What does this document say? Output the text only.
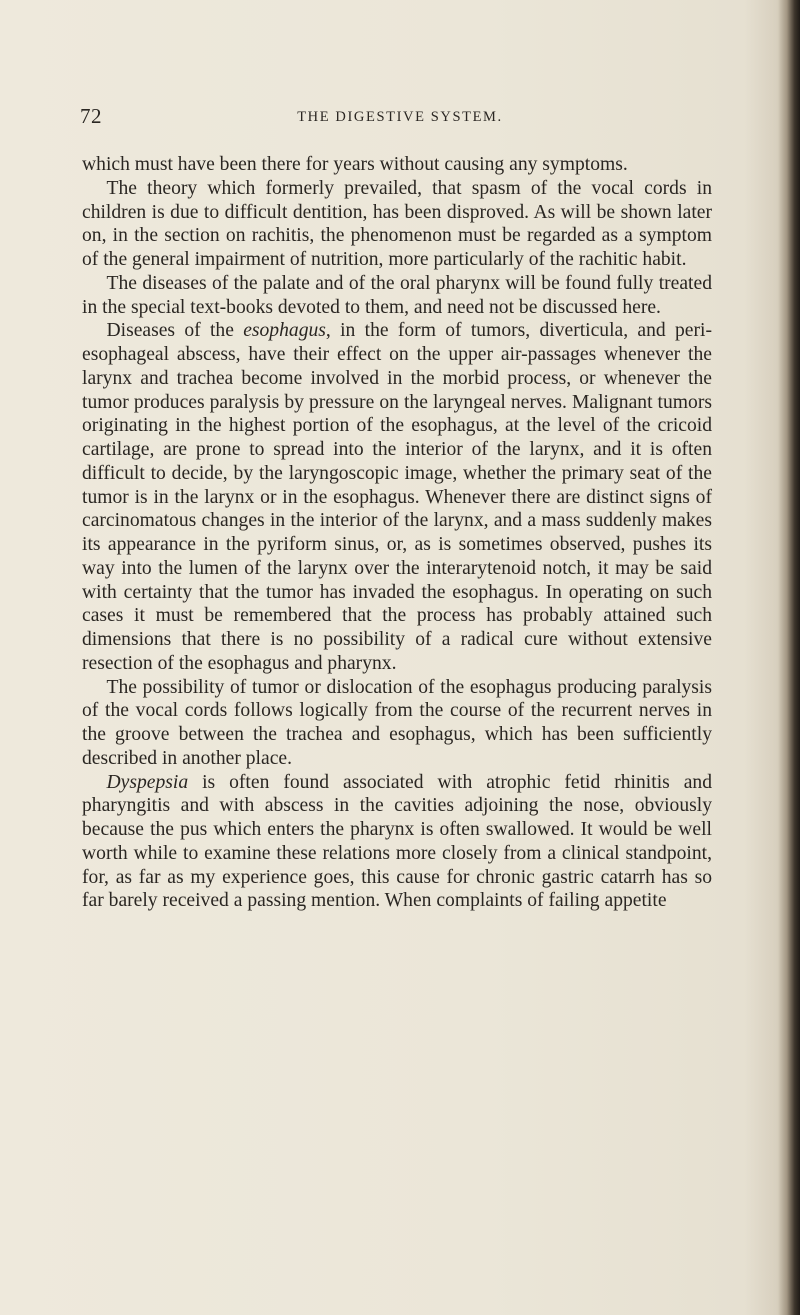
72	THE DIGESTIVE SYSTEM.

which must have been there for years without causing any symptoms.

The theory which formerly prevailed, that spasm of the vocal cords in children is due to difficult dentition, has been disproved. As will be shown later on, in the section on rachitis, the phenomenon must be regarded as a symptom of the general impairment of nutrition, more particularly of the rachitic habit.

The diseases of the palate and of the oral pharynx will be found fully treated in the special text-books devoted to them, and need not be discussed here.

Diseases of the esophagus, in the form of tumors, diverticula, and peri-esophageal abscess, have their effect on the upper air-passages whenever the larynx and trachea become involved in the morbid process, or whenever the tumor produces paralysis by pressure on the laryngeal nerves. Malignant tumors originating in the highest portion of the esophagus, at the level of the cricoid cartilage, are prone to spread into the interior of the larynx, and it is often difficult to decide, by the laryngoscopic image, whether the primary seat of the tumor is in the larynx or in the esophagus. Whenever there are distinct signs of carcinomatous changes in the interior of the larynx, and a mass suddenly makes its appearance in the pyriform sinus, or, as is sometimes observed, pushes its way into the lumen of the larynx over the interarytenoid notch, it may be said with certainty that the tumor has invaded the esophagus. In operating on such cases it must be remembered that the process has probably attained such dimensions that there is no possibility of a radical cure without extensive resection of the esophagus and pharynx.

The possibility of tumor or dislocation of the esophagus producing paralysis of the vocal cords follows logically from the course of the recurrent nerves in the groove between the trachea and esophagus, which has been sufficiently described in another place.

Dyspepsia is often found associated with atrophic fetid rhinitis and pharyngitis and with abscess in the cavities adjoining the nose, obviously because the pus which enters the pharynx is often swallowed. It would be well worth while to examine these relations more closely from a clinical standpoint, for, as far as my experience goes, this cause for chronic gastric catarrh has so far barely received a passing mention. When complaints of failing appetite
